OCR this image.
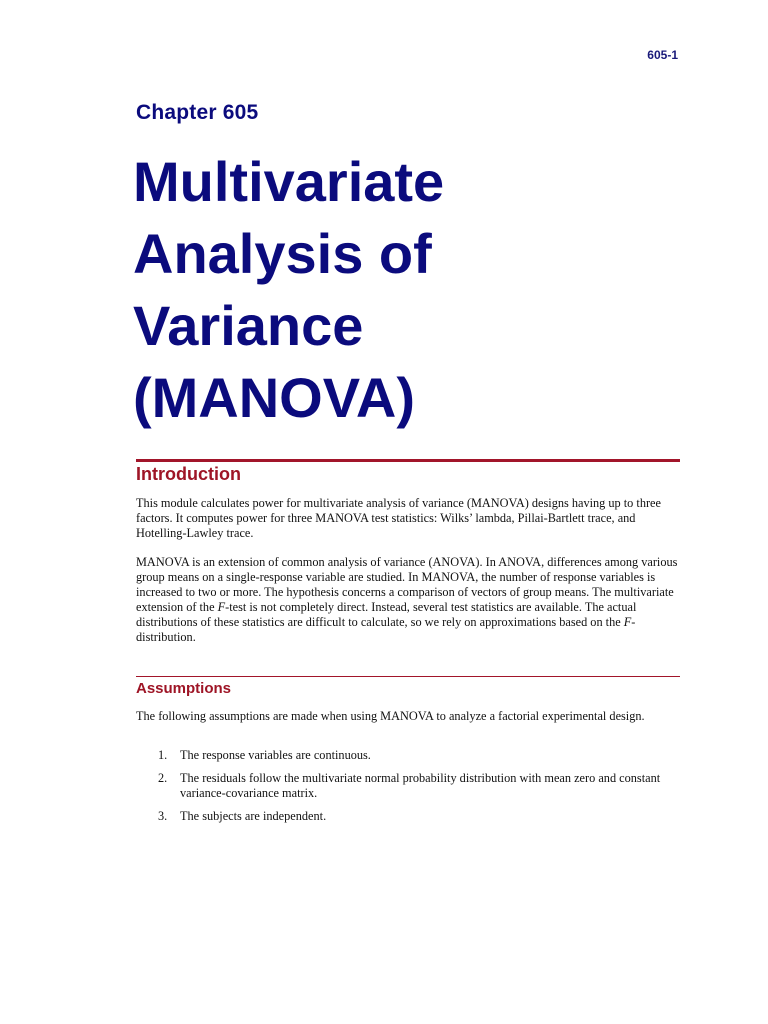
605-1
Chapter 605
Multivariate
Analysis of
Variance
(MANOVA)
Introduction

This module calculates power for multivariate analysis of variance (MANOVA) designs having up to three factors. It computes power for three MANOVA test statistics: Wilks’ lambda, Pillai-Bartlett trace, and Hotelling-Lawley trace.

MANOVA is an extension of common analysis of variance (ANOVA). In ANOVA, differences among various group means on a single-response variable are studied. In MANOVA, the number of response variables is increased to two or more. The hypothesis concerns a comparison of vectors of group means. The multivariate extension of the F-test is not completely direct. Instead, several test statistics are available. The actual distributions of these statistics are difficult to calculate, so we rely on approximations based on the F-distribution.

Assumptions

The following assumptions are made when using MANOVA to analyze a factorial experimental design.

1. The response variables are continuous.
2. The residuals follow the multivariate normal probability distribution with mean zero and constant variance-covariance matrix.
3. The subjects are independent.
